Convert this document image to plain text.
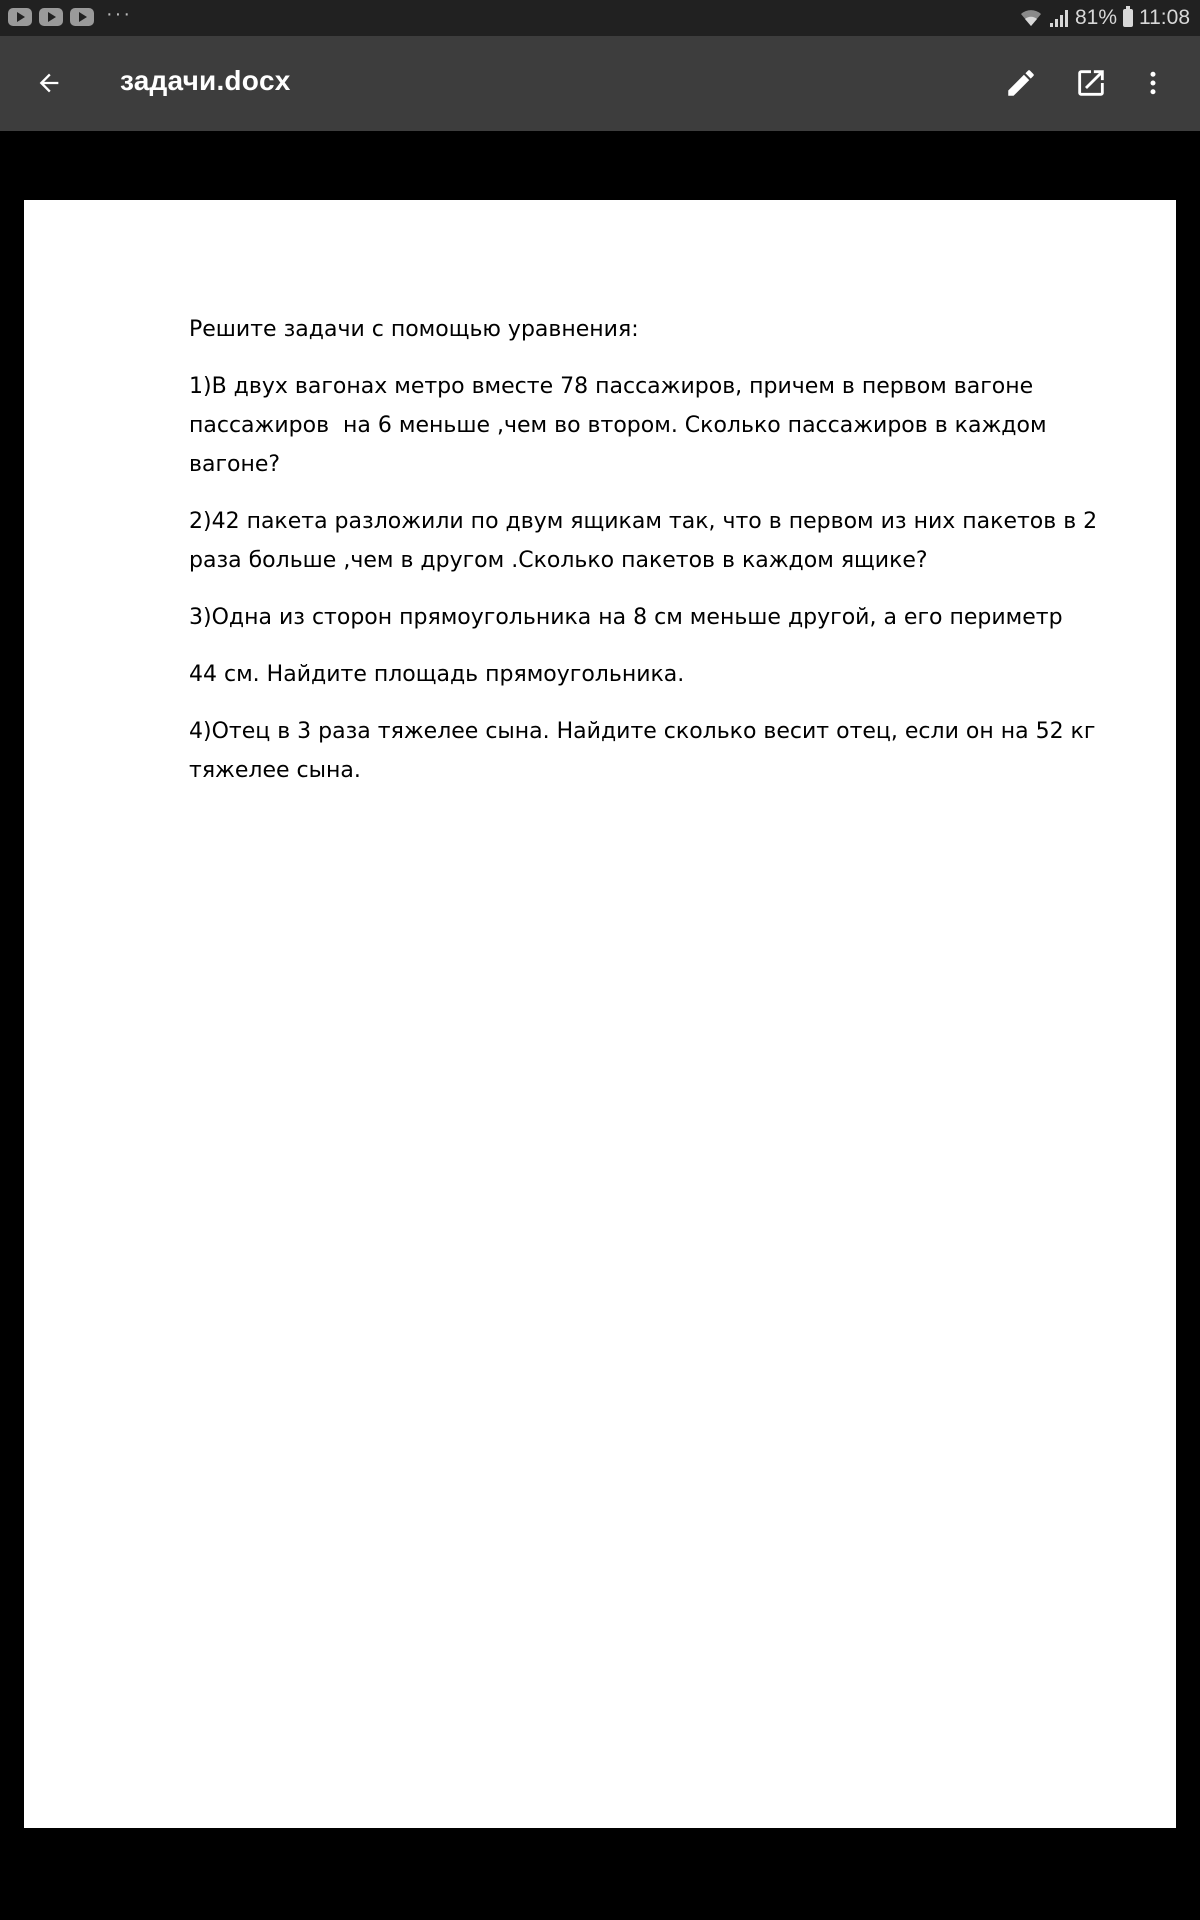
···	81% 11:08
задачи.docx

Решите задачи с помощью уравнения:

1)В двух вагонах метро вместе 78 пассажиров, причем в первом вагоне пассажиров  на 6 меньше ,чем во втором. Сколько пассажиров в каждом вагоне?

2)42 пакета разложили по двум ящикам так, что в первом из них пакетов в 2 раза больше ,чем в другом .Сколько пакетов в каждом ящике?

3)Одна из сторон прямоугольника на 8 см меньше другой, а его периметр

44 см. Найдите площадь прямоугольника.

4)Отец в 3 раза тяжелее сына. Найдите сколько весит отец, если он на 52 кг тяжелее сына.
